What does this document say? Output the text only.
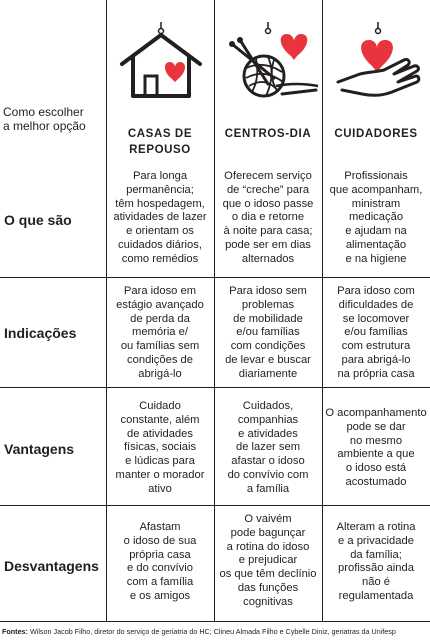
Como escolher
a melhor opção
CASAS DE
REPOUSO
CENTROS-DIA	CUIDADORES
O que são
Indicações
Vantagens
Desvantagens
Para longa
permanência;
têm hospedagem,
atividades de lazer
e orientam os
cuidados diários,
como remédios
Oferecem serviço
de “creche” para
que o idoso passe
o dia e retorne
à noite para casa;
pode ser em dias
alternados
Profissionais
que acompanham,
ministram
medicação
e ajudam na
alimentação
e na higiene
Para idoso em
estágio avançado
de perda da
memória e/
ou famílias sem
condições de
abrigá-lo
Para idoso sem
problemas
de mobilidade
e/ou famílias
com condições
de levar e buscar
diariamente
Para idoso com
dificuldades de
se locomover
e/ou famílias
com estrutura
para abrigá-lo
na própria casa
Cuidado
constante, além
de atividades
físicas, sociais
e lúdicas para
manter o morador
ativo
Cuidados,
companhias
e atividades
de lazer sem
afastar o idoso
do convívio com
a família
O acompanhamento
pode se dar
no mesmo
ambiente a que
o idoso está
acostumado
Afastam
o idoso de sua
própria casa
e do convívio
com a família
e os amigos
O vaivém
pode bagunçar
a rotina do idoso
e prejudicar
os que têm declínio
das funções
cognitivas
Alteram a rotina
e a privacidade
da família;
profissão ainda
não é
regulamentada
Fontes: Wilson Jacob Filho, diretor do serviço de geriatria do HC; Clineu Almada Filho e Cybelle Diniz, geriatras da Unifesp
